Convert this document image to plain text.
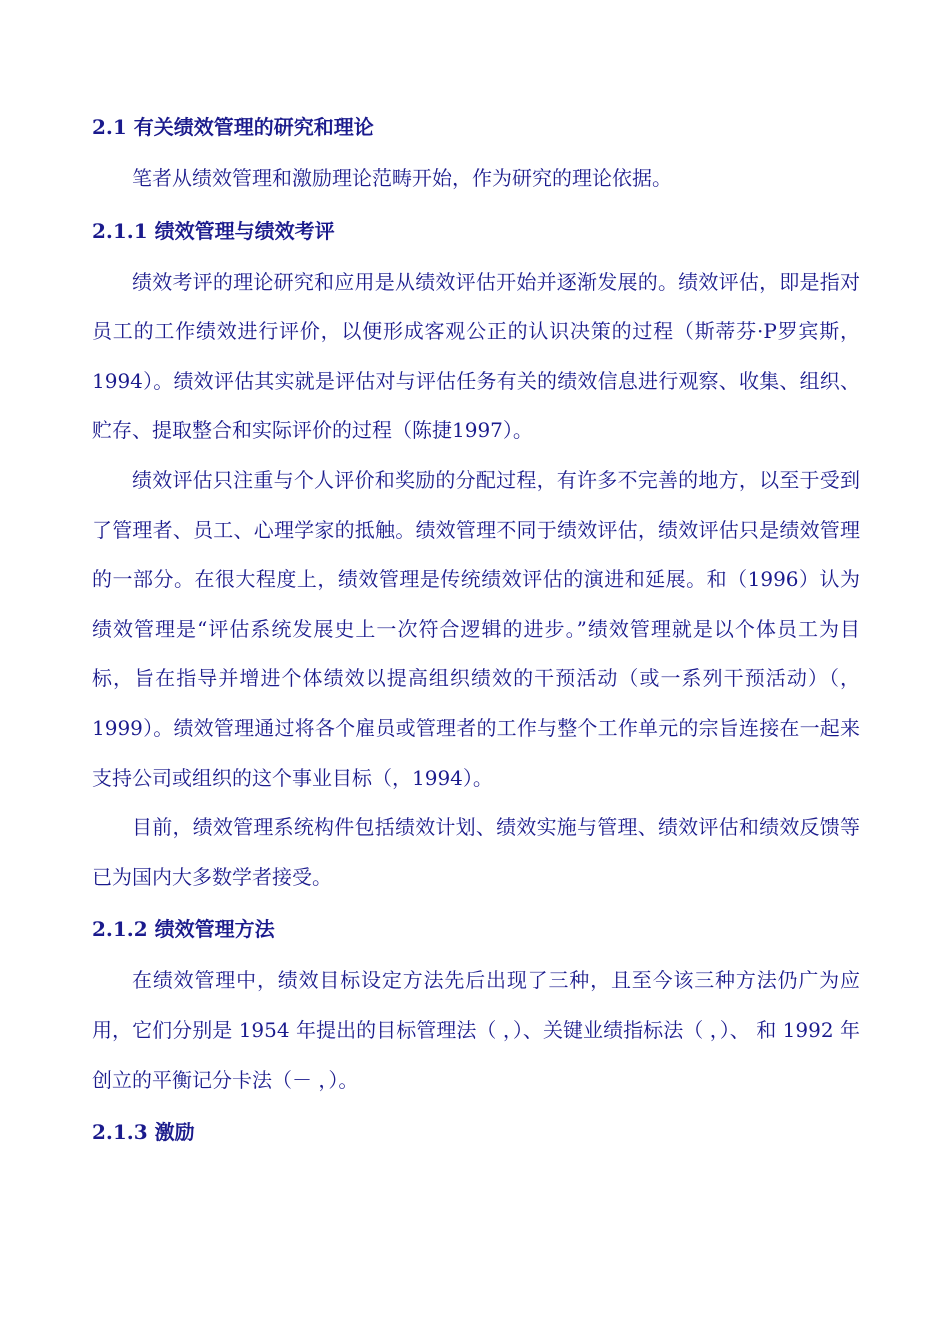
2.1 有关绩效管理的研究和理论

笔者从绩效管理和激励理论范畴开始，作为研究的理论依据。

2.1.1 绩效管理与绩效考评

绩效考评的理论研究和应用是从绩效评估开始并逐渐发展的。绩效评估，即是指对员工的工作绩效进行评价，以便形成客观公正的认识决策的过程（斯蒂芬·P罗宾斯，1994）。绩效评估其实就是评估对与评估任务有关的绩效信息进行观察、收集、组织、贮存、提取整合和实际评价的过程（陈捷1997）。

绩效评估只注重与个人评价和奖励的分配过程，有许多不完善的地方，以至于受到了管理者、员工、心理学家的抵触。绩效管理不同于绩效评估，绩效评估只是绩效管理的一部分。在很大程度上，绩效管理是传统绩效评估的演进和延展。和（1996）认为绩效管理是“评估系统发展史上一次符合逻辑的进步。”绩效管理就是以个体员工为目标，旨在指导并增进个体绩效以提高组织绩效的干预活动（或一系列干预活动）（，1999）。绩效管理通过将各个雇员或管理者的工作与整个工作单元的宗旨连接在一起来支持公司或组织的这个事业目标（，1994）。

目前，绩效管理系统构件包括绩效计划、绩效实施与管理、绩效评估和绩效反馈等已为国内大多数学者接受。

2.1.2 绩效管理方法

在绩效管理中，绩效目标设定方法先后出现了三种，且至今该三种方法仍广为应用，它们分别是 1954 年提出的目标管理法（ ，）、关键业绩指标法（ ，）、 和 1992 年创立的平衡记分卡法（－ ，）。

2.1.3 激励
